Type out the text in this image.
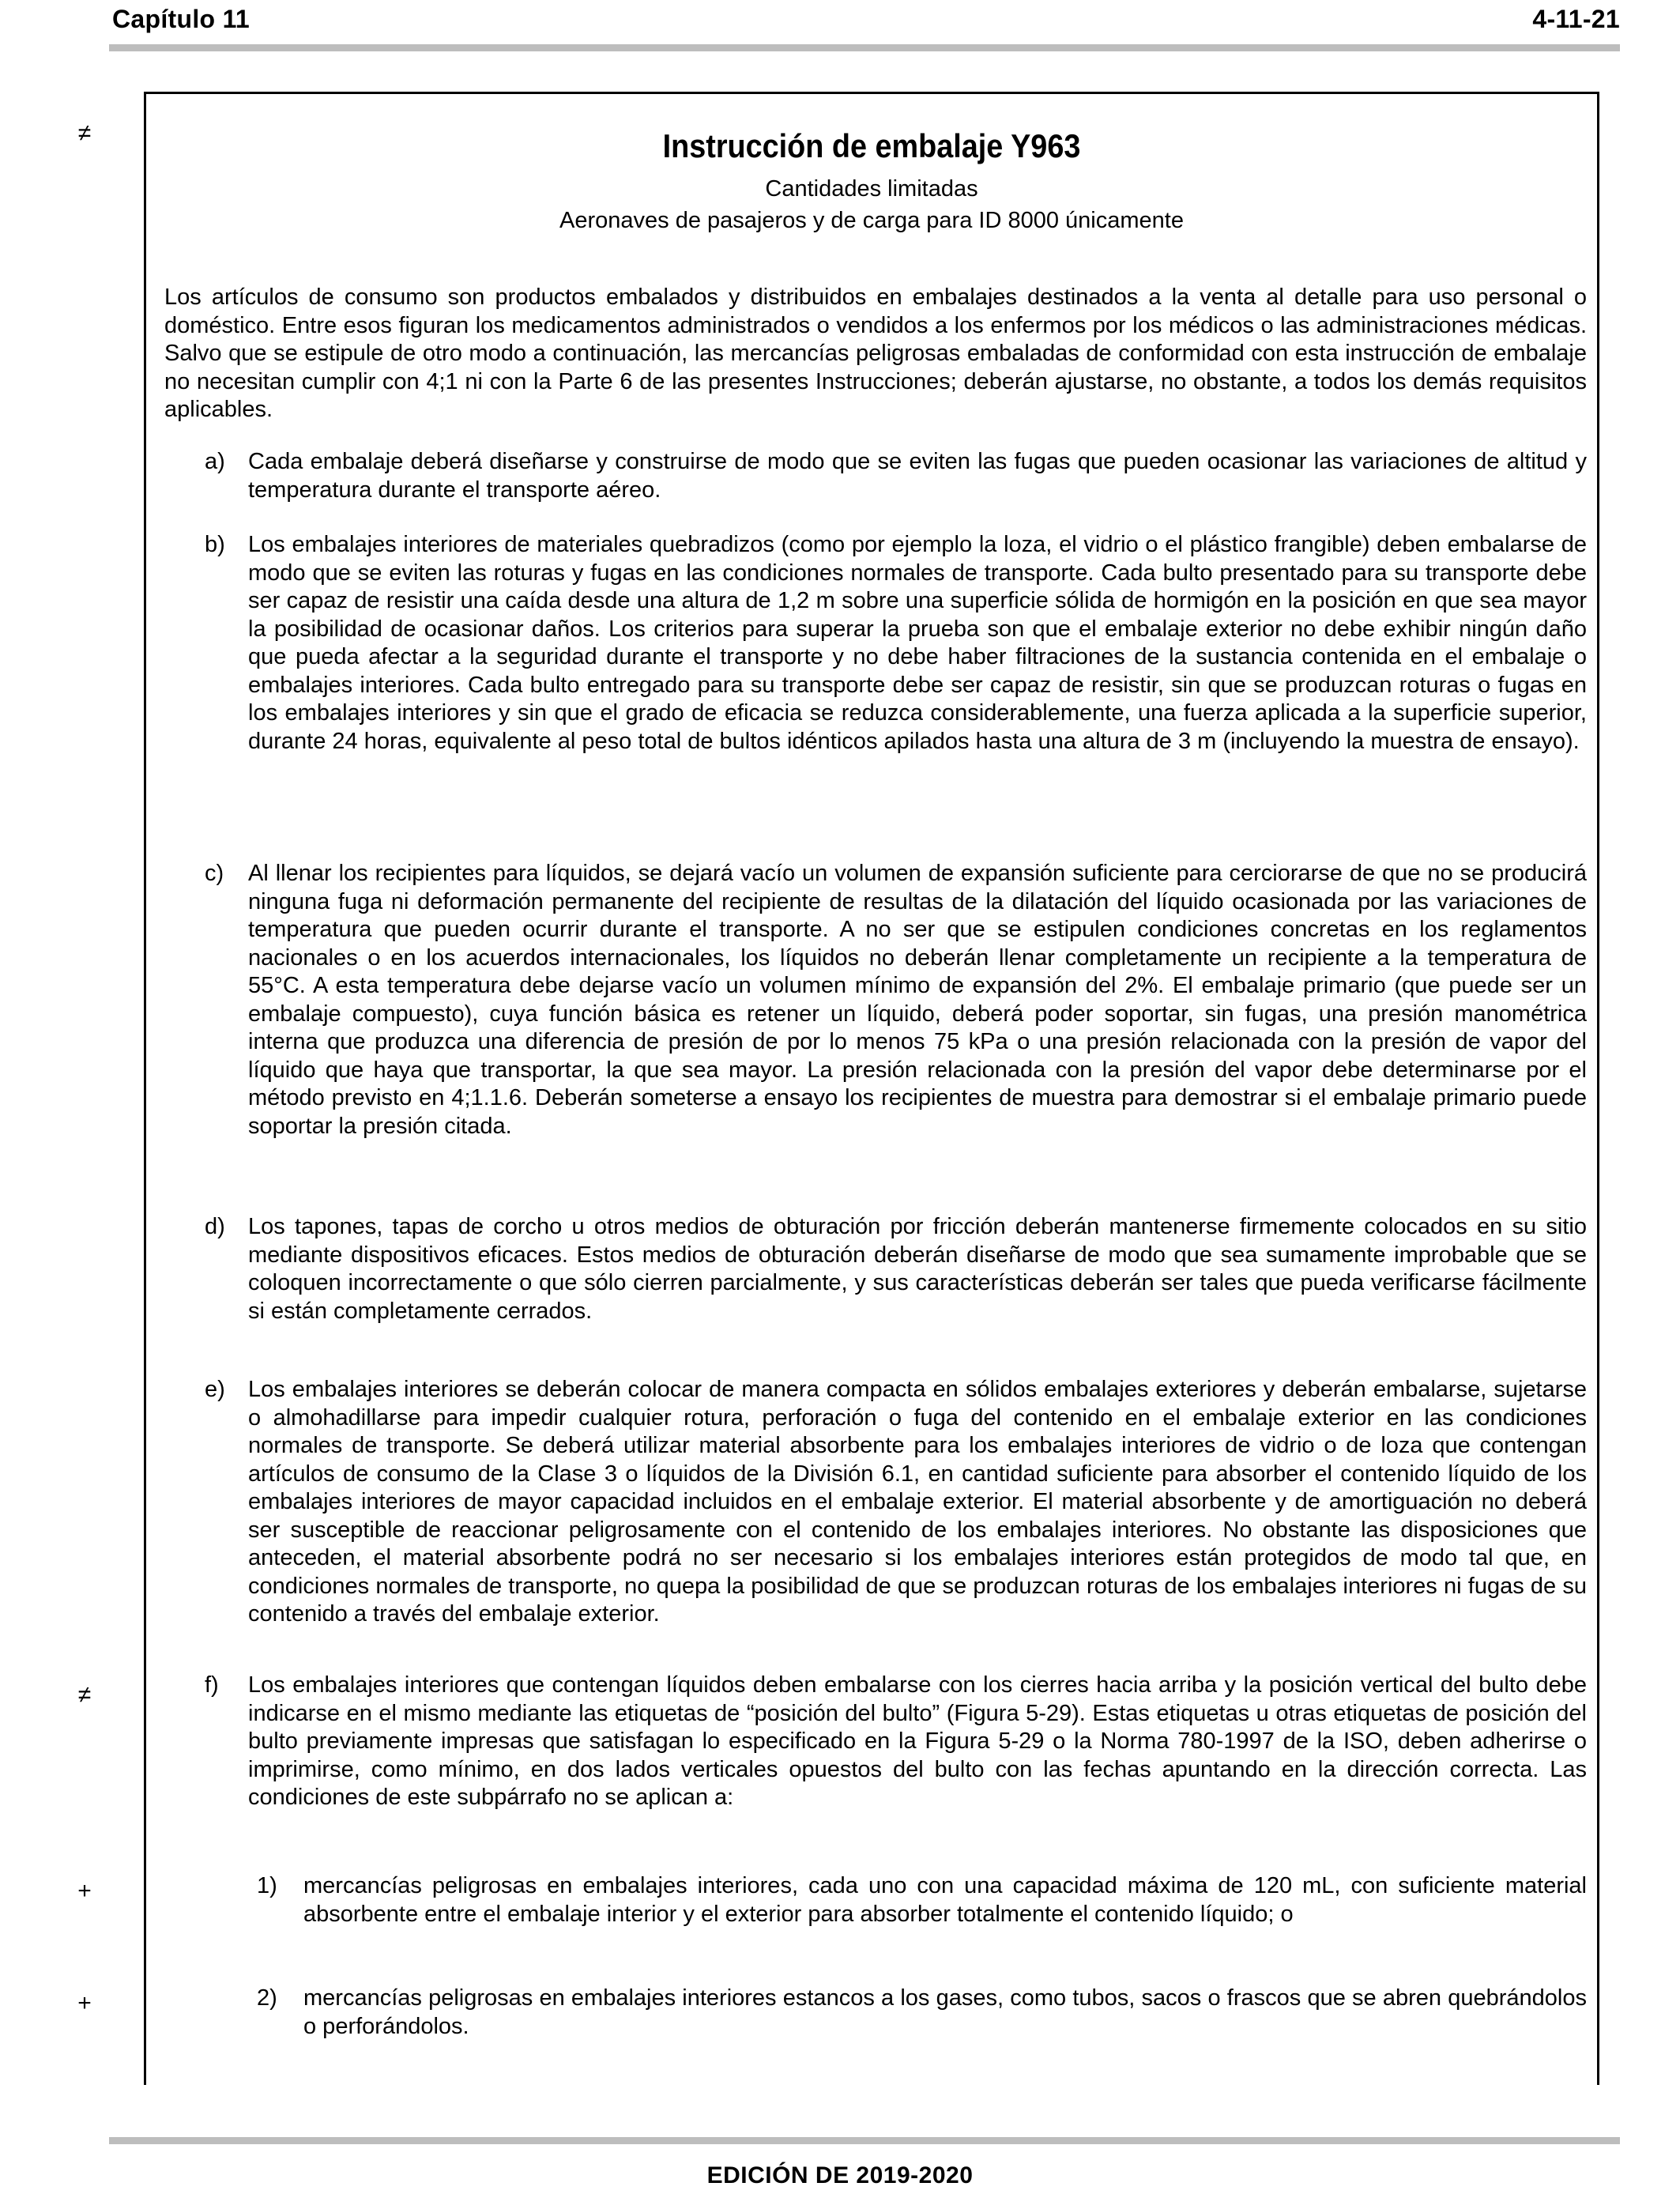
Capítulo 11	4-11-21
≠
≠
+
+
Instrucción de embalaje Y963
Cantidades limitadas
Aeronaves de pasajeros y de carga para ID 8000 únicamente
Los artículos de consumo son productos embalados y distribuidos en embalajes destinados a la venta al detalle para uso personal o doméstico. Entre esos figuran los medicamentos administrados o vendidos a los enfermos por los médicos o las administraciones médicas. Salvo que se estipule de otro modo a continuación, las mercancías peligrosas embaladas de conformidad con esta instrucción de embalaje no necesitan cumplir con 4;1 ni con la Parte 6 de las presentes Instrucciones; deberán ajustarse, no obstante, a todos los demás requisitos aplicables.
a) Cada embalaje deberá diseñarse y construirse de modo que se eviten las fugas que pueden ocasionar las variaciones de altitud y temperatura durante el transporte aéreo.
b) Los embalajes interiores de materiales quebradizos (como por ejemplo la loza, el vidrio o el plástico frangible) deben embalarse de modo que se eviten las roturas y fugas en las condiciones normales de transporte. Cada bulto presentado para su transporte debe ser capaz de resistir una caída desde una altura de 1,2 m sobre una superficie sólida de hormigón en la posición en que sea mayor la posibilidad de ocasionar daños. Los criterios para superar la prueba son que el embalaje exterior no debe exhibir ningún daño que pueda afectar a la seguridad durante el transporte y no debe haber filtraciones de la sustancia contenida en el embalaje o embalajes interiores. Cada bulto entregado para su transporte debe ser capaz de resistir, sin que se produzcan roturas o fugas en los embalajes interiores y sin que el grado de eficacia se reduzca considerablemente, una fuerza aplicada a la superficie superior, durante 24 horas, equivalente al peso total de bultos idénticos apilados hasta una altura de 3 m (incluyendo la muestra de ensayo).
c) Al llenar los recipientes para líquidos, se dejará vacío un volumen de expansión suficiente para cerciorarse de que no se producirá ninguna fuga ni deformación permanente del recipiente de resultas de la dilatación del líquido ocasionada por las variaciones de temperatura que pueden ocurrir durante el transporte. A no ser que se estipulen condiciones concretas en los reglamentos nacionales o en los acuerdos internacionales, los líquidos no deberán llenar completamente un recipiente a la temperatura de 55°C. A esta temperatura debe dejarse vacío un volumen mínimo de expansión del 2%. El embalaje primario (que puede ser un embalaje compuesto), cuya función básica es retener un líquido, deberá poder soportar, sin fugas, una presión manométrica interna que produzca una diferencia de presión de por lo menos 75 kPa o una presión relacionada con la presión de vapor del líquido que haya que transportar, la que sea mayor. La presión relacionada con la presión del vapor debe determinarse por el método previsto en 4;1.1.6. Deberán someterse a ensayo los recipientes de muestra para demostrar si el embalaje primario puede soportar la presión citada.
d) Los tapones, tapas de corcho u otros medios de obturación por fricción deberán mantenerse firmemente colocados en su sitio mediante dispositivos eficaces. Estos medios de obturación deberán diseñarse de modo que sea sumamente improbable que se coloquen incorrectamente o que sólo cierren parcialmente, y sus características deberán ser tales que pueda verificarse fácilmente si están completamente cerrados.
e) Los embalajes interiores se deberán colocar de manera compacta en sólidos embalajes exteriores y deberán embalarse, sujetarse o almohadillarse para impedir cualquier rotura, perforación o fuga del contenido en el embalaje exterior en las condiciones normales de transporte. Se deberá utilizar material absorbente para los embalajes interiores de vidrio o de loza que contengan artículos de consumo de la Clase 3 o líquidos de la División 6.1, en cantidad suficiente para absorber el contenido líquido de los embalajes interiores de mayor capacidad incluidos en el embalaje exterior. El material absorbente y de amortiguación no deberá ser susceptible de reaccionar peligrosamente con el contenido de los embalajes interiores. No obstante las disposiciones que anteceden, el material absorbente podrá no ser necesario si los embalajes interiores están protegidos de modo tal que, en condiciones normales de transporte, no quepa la posibilidad de que se produzcan roturas de los embalajes interiores ni fugas de su contenido a través del embalaje exterior.
f) Los embalajes interiores que contengan líquidos deben embalarse con los cierres hacia arriba y la posición vertical del bulto debe indicarse en el mismo mediante las etiquetas de “posición del bulto” (Figura 5-29). Estas etiquetas u otras etiquetas de posición del bulto previamente impresas que satisfagan lo especificado en la Figura 5-29 o la Norma 780-1997 de la ISO, deben adherirse o imprimirse, como mínimo, en dos lados verticales opuestos del bulto con las fechas apuntando en la dirección correcta. Las condiciones de este subpárrafo no se aplican a:
1) mercancías peligrosas en embalajes interiores, cada uno con una capacidad máxima de 120 mL, con suficiente material absorbente entre el embalaje interior y el exterior para absorber totalmente el contenido líquido; o
2) mercancías peligrosas en embalajes interiores estancos a los gases, como tubos, sacos o frascos que se abren quebrándolos o perforándolos.
EDICIÓN DE 2019-2020
